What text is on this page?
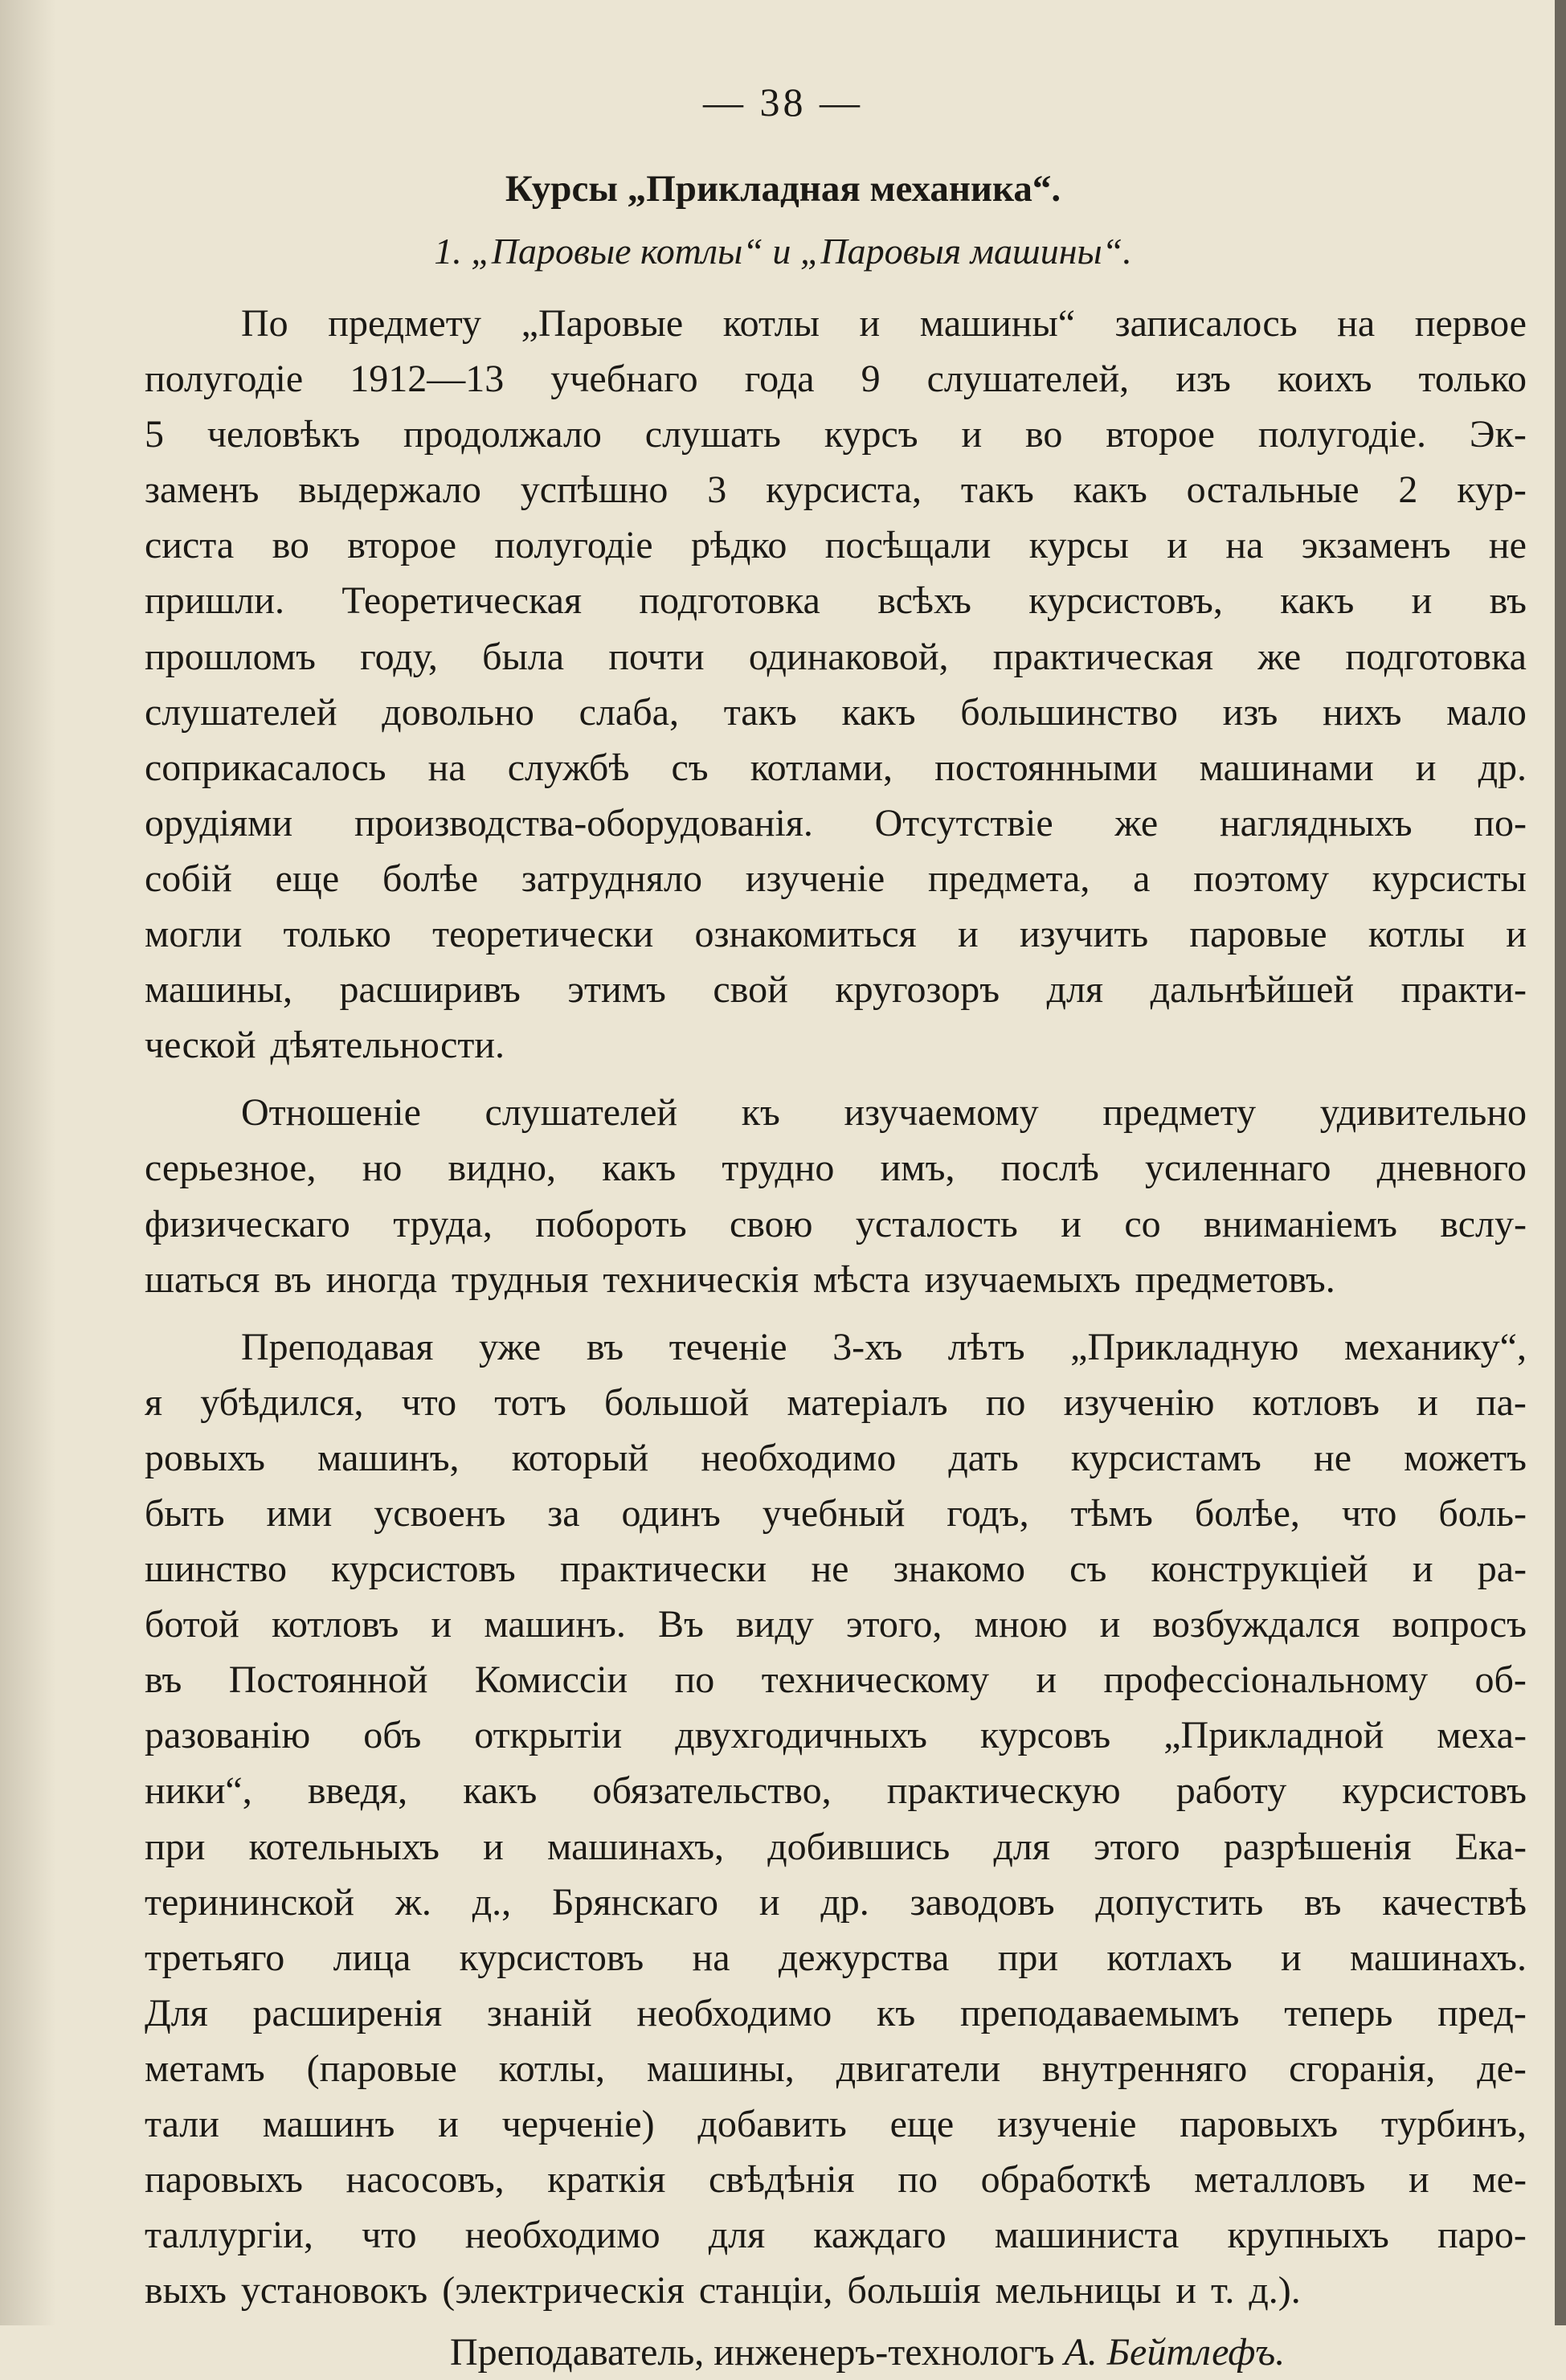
— 38 —
Курсы „Прикладная механика“.
1. „Паровые котлы“ и „Паровыя машины“.
По предмету „Паровые котлы и машины“ записалось на первое
полугодіе 1912—13 учебнаго года 9 слушателей, изъ коихъ только
5 человѣкъ продолжало слушать курсъ и во второе полугодіе. Эк-
заменъ выдержало успѣшно 3 курсиста, такъ какъ остальные 2 кур-
систа во второе полугодіе рѣдко посѣщали курсы и на экзаменъ не
пришли. Теоретическая подготовка всѣхъ курсистовъ, какъ и въ
прошломъ году, была почти одинаковой, практическая же подготовка
слушателей довольно слаба, такъ какъ большинство изъ нихъ мало
соприкасалось на службѣ съ котлами, постоянными машинами и др.
орудіями производства-оборудованія. Отсутствіе же наглядныхъ по-
собій еще болѣе затрудняло изученіе предмета, а поэтому курсисты
могли только теоретически ознакомиться и изучить паровые котлы и
машины, расширивъ этимъ свой кругозоръ для дальнѣйшей практи-
ческой дѣятельности.
Отношеніе слушателей къ изучаемому предмету удивительно
серьезное, но видно, какъ трудно имъ, послѣ усиленнаго дневного
физическаго труда, побороть свою усталость и со вниманіемъ вслу-
шаться въ иногда трудныя техническія мѣста изучаемыхъ предметовъ.
Преподавая уже въ теченіе 3-хъ лѣтъ „Прикладную механику“,
я убѣдился, что тотъ большой матеріалъ по изученію котловъ и па-
ровыхъ машинъ, который необходимо дать курсистамъ не можетъ
быть ими усвоенъ за одинъ учебный годъ, тѣмъ болѣе, что боль-
шинство курсистовъ практически не знакомо съ конструкціей и ра-
ботой котловъ и машинъ. Въ виду этого, мною и возбуждался вопросъ
въ Постоянной Комиссіи по техническому и профессіональному об-
разованію объ открытіи двухгодичныхъ курсовъ „Прикладной меха-
ники“, введя, какъ обязательство, практическую работу курсистовъ
при котельныхъ и машинахъ, добившись для этого разрѣшенія Ека-
терининской ж. д., Брянскаго и др. заводовъ допустить въ качествѣ
третьяго лица курсистовъ на дежурства при котлахъ и машинахъ.
Для расширенія знаній необходимо къ преподаваемымъ теперь пред-
метамъ (паровые котлы, машины, двигатели внутренняго сгоранія, де-
тали машинъ и черченіе) добавить еще изученіе паровыхъ турбинъ,
паровыхъ насосовъ, краткія свѣдѣнія по обработкѣ металловъ и ме-
таллургіи, что необходимо для каждаго машиниста крупныхъ паро-
выхъ установокъ (электрическія станціи, большія мельницы и т. д.).
Преподаватель, инженеръ-технологъ А. Бейтлефъ.
